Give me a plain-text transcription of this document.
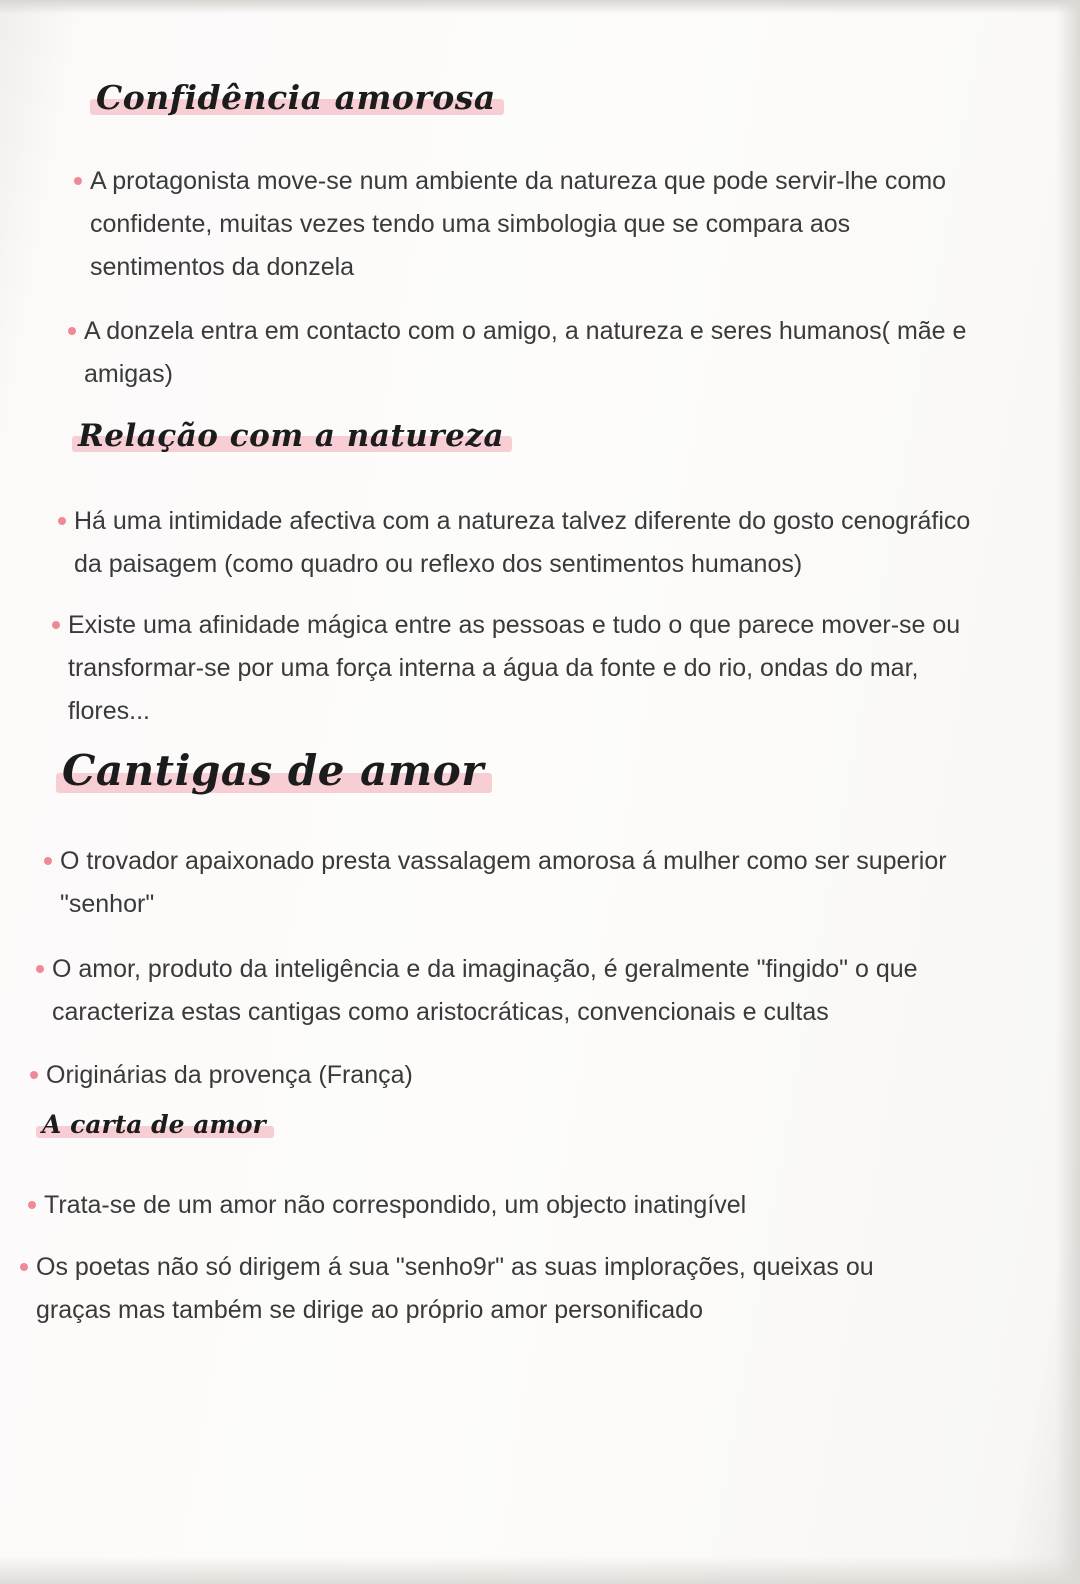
Confidência amorosa

A protagonista move-se num ambiente da natureza que pode servir-lhe como confidente, muitas vezes tendo uma simbologia que se compara aos sentimentos da donzela

A donzela entra em contacto com o amigo, a natureza e seres humanos( mãe e amigas)

Relação com a natureza

Há uma intimidade afectiva com a natureza talvez diferente do gosto cenográfico da paisagem (como quadro ou reflexo dos sentimentos humanos)

Existe uma afinidade mágica entre as pessoas e tudo o que parece mover-se ou transformar-se por uma força interna a água da fonte e do rio, ondas do mar, flores...

Cantigas de amor

O trovador apaixonado presta vassalagem amorosa á mulher como ser superior "senhor"

O amor, produto da inteligência e da imaginação, é geralmente "fingido" o que caracteriza estas cantigas como aristocráticas, convencionais e cultas

Originárias da provença (França)

A carta de amor

Trata-se de um amor não correspondido, um objecto inatingível

Os poetas não só dirigem á sua "senho9r" as suas implorações, queixas ou graças mas também se dirige ao próprio amor personificado
